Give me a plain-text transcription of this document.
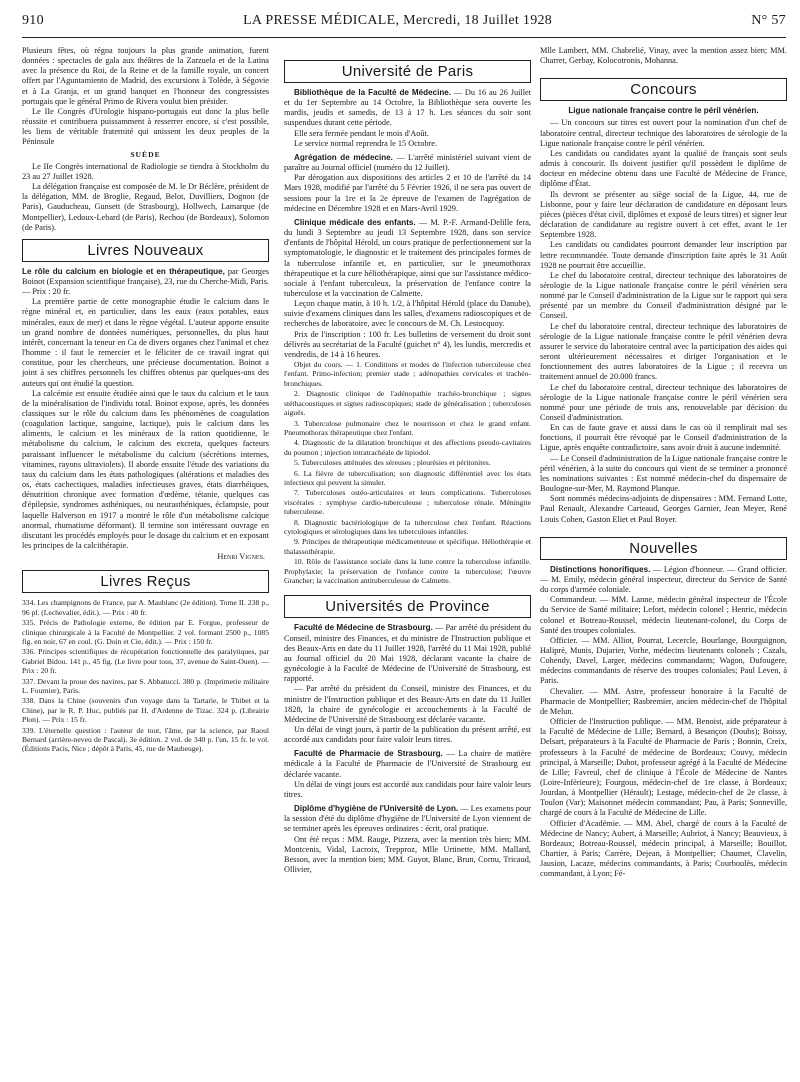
910	LA PRESSE MÉDICALE, Mercredi, 18 Juillet 1928	N° 57

Plusieurs fêtes, où régna toujours la plus grande animation, furent données : spectacles de gala aux théâtres de la Zarzuela et de la Latina avec la présence du Roi, de la Reine et de la famille royale, un concert offert par l'Aguntamiento de Madrid, des excursions à Tolède, à Ségovie et à La Granja, et un grand banquet en l'honneur des congressistes portugais que le général Primo de Rivera voulut bien présider.

Le IIe Congrès d'Urologie hispano-portugais eut donc la plus belle réussite et contribuera puissamment à resserrer encore, si c'est possible, les liens de véritable fraternité qui unissent les deux peuples de la Péninsule

SUÈDE

Le IIe Congrès international de Radiologie se tiendra à Stockholm du 23 au 27 Juillet 1928.

La délégation française est composée de M. le Dr Béclère, président de la délégation, MM. de Broglie, Regaud, Belot, Duvilliers, Dognon (de Paris), Gauducheau, Gunsett (de Strasbourg), Hollwech, Lamarque (de Montpellier), Ledoux-Lebard (de Paris), Rechou (de Bordeaux), Solomon (de Paris).

Livres Nouveaux

Le rôle du calcium en biologie et en thérapeutique, par Georges Boinot (Expansion scientifique française), 23, rue du Cherche-Midi, Paris. — Prix : 20 fr.

La première partie de cette monographie étudie le calcium dans le règne minéral et, en particulier, dans les eaux (eaux potables, eaux minérales, eaux de mer) et dans le règne végétal. L'auteur apporte ensuite un grand nombre de données numériques, personnelles, du plus haut intérêt, concernant la teneur en Ca de divers organes chez l'animal et chez l'homme : il faut le remercier et le féliciter de ce travail ingrat qui constitue, pour les chercheurs, une précieuse documentation. Boinot a joint à ses chiffres personnels les chiffres obtenus par quelques-uns des auteurs qui ont étudié la question.

La calcémie est ensuite étudiée ainsi que le taux du calcium et le taux de la minéralisation de l'individu total. Boinot expose, après, les données classiques sur le rôle du calcium dans les phénomènes de coagulation (coagulation lactique, sanguine, lactique), puis le calcium dans les aliments, le calcium et les minéraux de la ration quotidienne, le métabolisme du calcium, le calcium des excreta, quelques facteurs paraissant influencer le métabolisme du calcium (sécrétions internes, vitamines, rayons ultraviolets). Il aborde ensuite l'étude des variations du taux du calcium dans les états pathologiques (altérations et maladies des os, états cachectiques, maladies infectieuses graves, états diarrhéiques, dénutrition chronique avec formation d'œdème, tétanie, quelques cas d'épilepsie, syndromes asthéniques, ou neurasthéniques, éclampsie, pour laquelle Halverson en 1917 a montré le rôle d'un métabolisme calcique anormal, rhumatisme déformant). Il termine son intéressant ouvrage en discutant les procédés employés pour le dosage du calcium et en exposant les principes de la calcithérapie.

Henri Vignes.

Livres Reçus

334. Les champignons de France, par A. Maublanc (2e édition). Tome II. 238 p., 96 pl. (Lechevalier, édit.). — Prix : 40 fr.

335. Précis de Pathologie externe, 8e édition par E. Forgue, professeur de clinique chirurgicale à la Faculté de Montpellier. 2 vol. formant 2500 p., 1085 fig. en noir, 67 en coul. (G. Doin et Cie, édit.). — Prix : 150 fr.

336. Principes scientifiques de récupération fonctionnelle des paralytiques, par Gabriel Bidou. 141 p., 45 fig. (Le livre pour tous, 37, avenue de Saint-Ouen). — Prix : 20 fr.

337. Devant la proue des navires, par S. Abbatucci. 380 p. (Imprimerie militaire L. Fournier), Paris.

338. Dans la Chine (souvenirs d'un voyage dans la Tartarie, le Thibet et la Chine), par le R. P. Huc, publiés par H. d'Ardenne de Tizac. 324 p. (Librairie Plon). — Prix : 15 fr.

339. L'éternelle question : l'auteur de tout, l'âme, par la science, par Raoul Bernard (arrière-neveu de Pascal). 3e édition. 2 vol. de 340 p. l'un, 15 fr. le vol. (Éditions Pacis, Nice ; dépôt à Paris, 45, rue de Maubeuge).

Université de Paris

Bibliothèque de la Faculté de Médecine. — Du 16 au 26 Juillet et du 1er Septembre au 14 Octobre, la Bibliothèque sera ouverte les mardis, jeudis et samedis, de 13 à 17 h. Les séances du soir sont suspendues durant cette période.

Elle sera fermée pendant le mois d'Août.

Le service normal reprendra le 15 Octobre.

Agrégation de médecine. — L'arrêté ministériel suivant vient de paraître au Journal officiel (numéro du 12 Juillet).

Par dérogation aux dispositions des articles 2 et 10 de l'arrêté du 14 Mars 1928, modifié par l'arrêté du 5 Février 1926, il ne sera pas ouvert de sessions pour la 1re et la 2e épreuve de l'examen de l'agrégation de médecine en Décembre 1928 et en Mars-Avril 1929.

Clinique médicale des enfants. — M. P.-F. Armand-Delille fera, du lundi 3 Septembre au jeudi 13 Septembre 1928, dans son service d'enfants de l'hôpital Hérold, un cours pratique de perfectionnement sur la symptomatologie, le diagnostic et le traitement des principales formes de la tuberculose infantile et, en particulier, sur le pneumothorax thérapeutique et la cure héliothérapique, ainsi que sur l'assistance médico-sociale à l'enfant tuberculeux, la préservation de l'enfance contre la tuberculose et la vaccination de Calmette.

Leçon chaque matin, à 10 h. 1/2, à l'hôpital Hérold (place du Danube), suivie d'examens cliniques dans les salles, d'examens radioscopiques et de recherches de laboratoire, avec le concours de M. Ch. Lestocquoy.

Prix de l'inscription : 100 fr. Les bulletins de versement du droit sont délivrés au secrétariat de la Faculté (guichet n° 4), les lundis, mercredis et vendredis, de 14 à 16 heures.

Objet du cours. — 1. Conditions et modes de l'infection tuberculeuse chez l'enfant. Primo-infection; premier stade ; adénopathies cervicales et trachéo-bronchiques.

2. Diagnostic clinique de l'adénopathie trachéo-bronchique ; signes stéthacoustiques et signes radioscopiques; stade de généralisation ; tuberculoses aiguës.

3. Tuberculose pulmonaire chez le nourrisson et chez le grand enfant. Pneumothorax thérapeutique chez l'enfant.

4. Diagnostic de la dilatation bronchique et des affections pseudo-cavitaires du poumon ; injection intratrachéale de lipiodol.

5. Tuberculoses atténuées des séreuses ; pleurésies et péritonites.

6. La fièvre de tuberculisation; son diagnostic différentiel avec les états infectieux qui peuvent la simuler.

7. Tuberculoses ostéo-articulaires et leurs complications. Tuberculoses viscérales : symphyse cardio-tuberculeuse ; tuberculose rénale. Méningite tuberculeuse.

8. Diagnostic bactériologique de la tuberculose chez l'enfant. Réactions cytologiques et sérologiques dans les tuberculoses infantiles.

9. Principes de thérapeutique médicamenteuse et spécifique. Héliothérapie et thalassothérapie.

10. Rôle de l'assistance sociale dans la lutte contre la tuberculose infantile. Prophylaxie; la préservation de l'enfance contre la tuberculose; l'œuvre Grancher; la vaccination antituberculeuse de Calmette.

Universités de Province

Faculté de Médecine de Strasbourg. — Par arrêté du président du Conseil, ministre des Finances, et du ministre de l'Instruction publique et des Beaux-Arts en date du 11 Juillet 1928, l'arrêté du 11 Mai 1928, publié au Journal officiel du 20 Mai 1928, déclarant vacante la chaire de gynécologie à la Faculté de Médecine de l'Université de Strasbourg, est rapporté.

— Par arrêté du président du Conseil, ministre des Finances, et du ministre de l'Instruction publique et des Beaux-Arts en date du 11 Juillet 1828, la chaire de gynécologie et accouchements à la Faculté de Médecine de l'Université de Strasbourg est déclarée vacante.

Un délai de vingt jours, à partir de la publication du présent arrêté, est accordé aux candidats pour faire valoir leurs titres.

Faculté de Pharmacie de Strasbourg. — La chaire de matière médicale à la Faculté de Pharmacie de l'Université de Strasbourg est déclarée vacante.

Un délai de vingt jours est accordé aux candidats pour faire valoir leurs titres.

Diplôme d'hygiène de l'Université de Lyon. — Les examens pour la session d'été du diplôme d'hygiène de l'Université de Lyon viennent de se terminer après les épreuves ordinaires : écrit, oral pratique.

Ont été reçus : MM. Rauge, Pizzera, avec la mention très bien; MM. Montcenis, Vidal, Lacroix, Trepproz, Mlle Urtinette, MM. Mallard, Besson, avec la mention bien; MM. Guyot, Blanc, Brun, Cornu, Tricaud, Ollivier,

Mlle Lambert, MM. Chabrelié, Vinay, avec la mention assez bien; MM. Charret, Gerbay, Kolocotronis, Mohanna.

Concours

Ligue nationale française contre le péril vénérien.

— Un concours sur titres est ouvert pour la nomination d'un chef de laboratoire central, directeur technique des laboratoires de sérologie de la Ligue nationale française contre le péril vénérien.

Les candidats ou candidates ayant la qualité de français sont seuls admis à concourir. Ils doivent justifier qu'il possèdent le diplôme de docteur en médecine obtenu dans une Faculté de Médecine de France, diplôme d'État.

Ils devront se présenter au siège social de la Ligue, 44, rue de Lisbonne, pour y faire leur déclaration de candidature en déposant leurs pièces (pièces d'état civil, diplômes et exposé de leurs titres) et signer leur déclaration de candidature au registre ouvert à cet effet, avant le 1er Septembre 1928.

Les candidats ou candidates pourront demander leur inscription par lettre recommandée. Toute demande d'inscription faite après le 31 Août 1928 ne pourrait être accueillie.

Le chef du laboratoire central, directeur technique des laboratoires de sérologie de la Ligue nationale française contre le péril vénérien sera nommé par le Conseil d'administration de la Ligue sur le rapport qui sera présenté par un membre du Conseil d'administration désigné par le Conseil.

Le chef du laboratoire central, directeur technique des laboratoires de sérologie de la Ligue nationale française contre le péril vénérien devra assurer le service du laboratoire central avec la participation des aides qui seront ultérieurement nécessaires et diriger l'organisation et le fonctionnement des autres laboratoires de la Ligue ; il recevra un traitement annuel de 20.000 francs.

Le chef du laboratoire central, directeur technique des laboratoires de sérologie de la Ligue nationale française contre le péril vénérien sera nommé pour une période de trois ans, renouvelable par décision du Conseil d'administration.

En cas de faute grave et aussi dans le cas où il remplirait mal ses fonctions, il pourrait être révoqué par le Conseil d'administration de la Ligue, après enquête contradictoire, sans avoir droit à aucune indemnité.

— Le Conseil d'administration de la Ligue nationale française contre le péril vénérien, à la suite du concours qui vient de se terminer a prononcé les nominations suivantes : Est nommé médecin-chef du dispensaire de Boulogne-sur-Mer, M. Raymond Planque.

Sont nommés médecins-adjoints de dispensaires : MM. Fernand Lotte, Paul Renault, Alexandre Carteaud, Georges Garnier, Jean Meyer, René Louis Cohen, Gaston Eliet et Paul Boyer.

Nouvelles

Distinctions honorifiques. — Légion d'honneur. — Grand officier. — M. Emily, médecin général inspecteur, directeur du Service de Santé du corps d'armée coloniale.

Commandeur. — MM. Lanne, médecin général inspecteur de l'École du Service de Santé militaire; Lefort, médecin colonel ; Henric, médecin colonel et Botreau-Roussel, médecin lieutenant-colonel, du Corps de Santé des troupes coloniales.

Officier. — MM. Alliot, Pourrat, Lecercle, Bourlange, Bourguignon, Haliprè, Munis, Dujarier, Vorhe, médecins lieutenants colonels ; Cazals, Cohendy, Davel, Larger, médecins commandants; Wagon, Dufougere, médecins commandants de réserve des troupes coloniales; Paul Leven, à Paris.

Chevalier. — MM. Astre, professeur honoraire à la Faculté de Pharmacie de Montpellier; Rasbremier, ancien médecin-chef de l'hôpital de Melun.

Officier de l'Instruction publique. — MM. Benoist, aide préparateur à la Faculté de Médecine de Lille; Bernard, à Besançon (Doubs); Boissy, Delsart, préparateurs à la Faculté de Pharmacie de Paris ; Bonnin, Creix, professeurs à la Faculté de médecine de Bordeaux; Couvy, médecin principal, à Marseille; Duhot, professeur agrégé à la Faculté de Médecine de Lille; Favreul, chef de clinique à l'École de Médecine de Nantes (Loire-Inférieure); Fourgous, médecin-chef de 1re classe, à Bordeaux; Jourdan, à Montpellier (Hérault); Lestage, médecin-chef de 2e classe, à Toulon (Var); Maisonnet médecin commandant; Pau, à Paris; Sonneville, chargé de cours à la Faculté de Médecine de Lille.

Officier d'Académie. — MM. Abel, chargé de cours à la Faculté de Médecine de Nancy; Aubert, à Marseille; Aubriot, à Nancy; Beauvieux, à Bordeaux; Botreau-Roussel, médecin principal, à Marseille; Bouillot, Chartier, à Paris; Carrère, Dejean, à Montpellier; Chaumet, Clavelin, Jausion, Lacaze, médecins commandants, à Paris; Courboulès, médecin commandant, à Lyon; Fé-
